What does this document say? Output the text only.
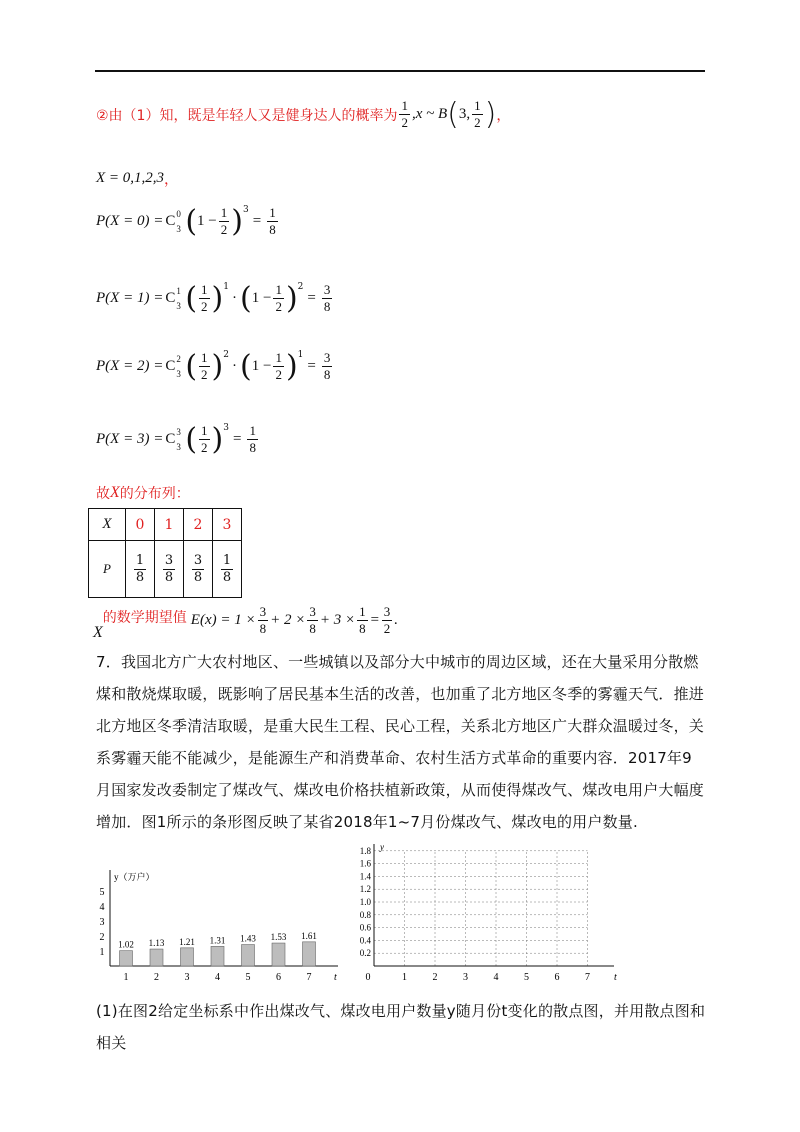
②由（1）知，既是年轻人又是健身达人的概率为 $\frac{1}{2} ,x$ ~ B ( 3 , $\frac{1}{2}$ ) ，
X = 0,1,2,3 ，
P(X = 0) = C 0
3 ( $1 - \frac{1}{2} )^3$
= $\frac{1}{8}$
P(X = 1) = C 1
3 ( $\frac{1}{2} )^1$
· ( $1 - \frac{1}{2} )^2$
= $\frac{3}{8}$
P(X = 2) = C 2
3 ( $\frac{1}{2} )^2$
· ( $1 - \frac{1}{2} )^1$
= $\frac{3}{8}$
P(X = 3) = C 3
3 ( $\frac{1}{2} )^3$
= $\frac{1}{8}$
故 X 的分布列：
X	0	1	2	3
P	$\frac{1}{8}$	$\frac{3}{8}$	$\frac{3}{8}$	$\frac{1}{8}$
X
的数学期望值 $E(x) = 1 \times \frac{3}{8} + 2 \times \frac{3}{8} + 3 \times \frac{1}{8} = \frac{3}{2}$ .

7．我国北方广大农村地区、一些城镇以及部分大中城市的周边区域，还在大量采用分散燃煤和散烧煤取暖，既影响了居民基本生活的改善，也加重了北方地区冬季的雾霾天气．推进北方地区冬季清洁取暖，是重大民生工程、民心工程，关系北方地区广大群众温暖过冬，关系雾霾天能不能减少，是能源生产和消费革命、农村生活方式革命的重要内容．2017年9月国家发改委制定了煤改气、煤改电价格扶植新政策，从而使得煤改气、煤改电用户大幅度增加．图1所示的条形图反映了某省2018年1~7月份煤改气、煤改电的用户数量.

y（万户）
t
1
2
3
4
5
1.02
1
1.13
2
1.21
3
1.31
4
1.43
5
1.53
6
1.61
7
y
t
0
0.2
0.4
0.6
0.8
1.0
1.2
1.4
1.6
1.8
1	2	3	4	5	6	7

(1)在图2给定坐标系中作出煤改气、煤改电用户数量y随月份t变化的散点图，并用散点图和相关
